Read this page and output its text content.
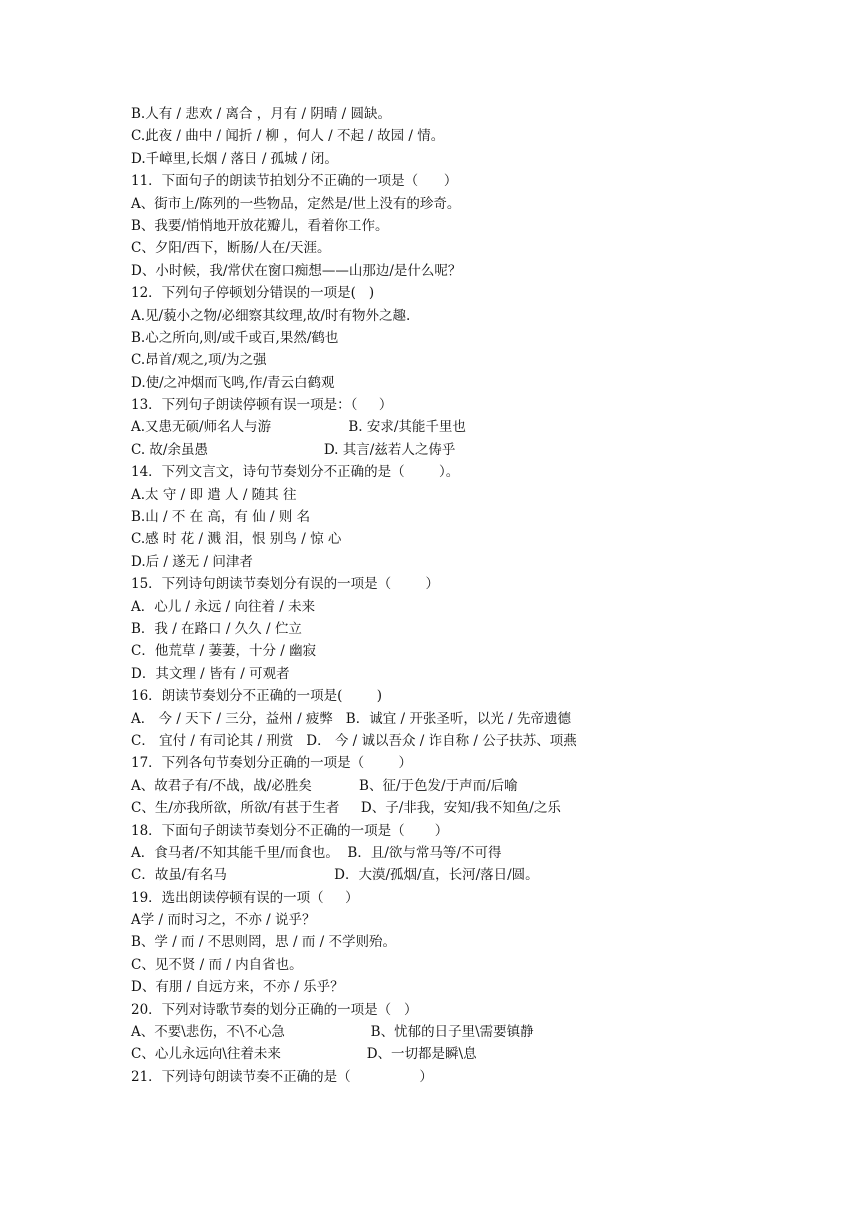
B.人有 / 悲欢 / 离合 ，月有 / 阴晴 / 圆缺。
C.此夜 / 曲中 / 闻折 / 柳 ，何人 / 不起 / 故园 / 情。
D.千嶂里,长烟 / 落日 / 孤城 / 闭。
11．下面句子的朗读节拍划分不正确的一项是（      ）
A、街市上/陈列的一些物品，定然是/世上没有的珍奇。
B、我要/悄悄地开放花瓣儿，看着你工作。
C、夕阳/西下，断肠/人在/天涯。
D、小时候，我/常伏在窗口痴想——山那边/是什么呢？
12．下列句子停顿划分错误的一项是(   )
A.见/藐小之物/必细察其纹理,故/时有物外之趣.
B.心之所向,则/或千或百,果然/鹤也
C.昂首/观之,项/为之强
D.使/之冲烟而飞鸣,作/青云白鹤观
13．下列句子朗读停顿有误一项是：（     ）
A.又患无硕/师名人与游                  B. 安求/其能千里也
C. 故/余虽愚                           D. 其言/兹若人之俦乎
14．下列文言文，诗句节奏划分不正确的是（        ）。
A.太 守 / 即 遣 人 / 随其 往
B.山 / 不 在 高，有 仙 / 则 名
C.感 时 花 / 溅 泪，恨 别鸟 / 惊 心
D.后 / 遂无 / 问津者
15．下列诗句朗读节奏划分有误的一项是（        ）
A．心儿 / 永远 / 向往着 / 未来
B．我 / 在路口 / 久久 / 伫立
C．他荒草 / 萋萋，十分 / 幽寂
D．其文理 / 皆有 / 可观者
16．朗读节奏划分不正确的一项是(        )
A． 今 / 天下 / 三分，益州 / 疲弊   B．诚宜 / 开张圣听，以光 / 先帝遗德
C． 宜付 / 有司论其 / 刑赏   D． 今 / 诚以吾众 / 诈自称 / 公子扶苏、项燕
17．下列各句节奏划分正确的一项是（        ）
A、故君子有/不战，战/必胜矣           B、征/于色发/于声而/后喻
C、生/亦我所欲，所欲/有甚于生者     D、子/非我，安知/我不知鱼/之乐
18．下面句子朗读节奏划分不正确的一项是（       ）
A．食马者/不知其能千里/而食也。  B．且/欲与常马等/不可得
C．故虽/有名马                         D．大漠/孤烟/直，长河/落日/圆。
19．选出朗读停顿有误的一项（     ）
A学 / 而时习之，不亦 / 说乎？
B、学 / 而 / 不思则罔，思 / 而 / 不学则殆。
C、见不贤 / 而 / 内自省也。
D、有朋 / 自远方来，不亦 / 乐乎？
20．下列对诗歌节奏的划分正确的一项是（   ）
A、不要\悲伤，不\不心急                    B、忧郁的日子里\需要镇静
C、心儿永远向\往着未来                    D、一切都是瞬\息
21．下列诗句朗读节奏不正确的是（                ）
